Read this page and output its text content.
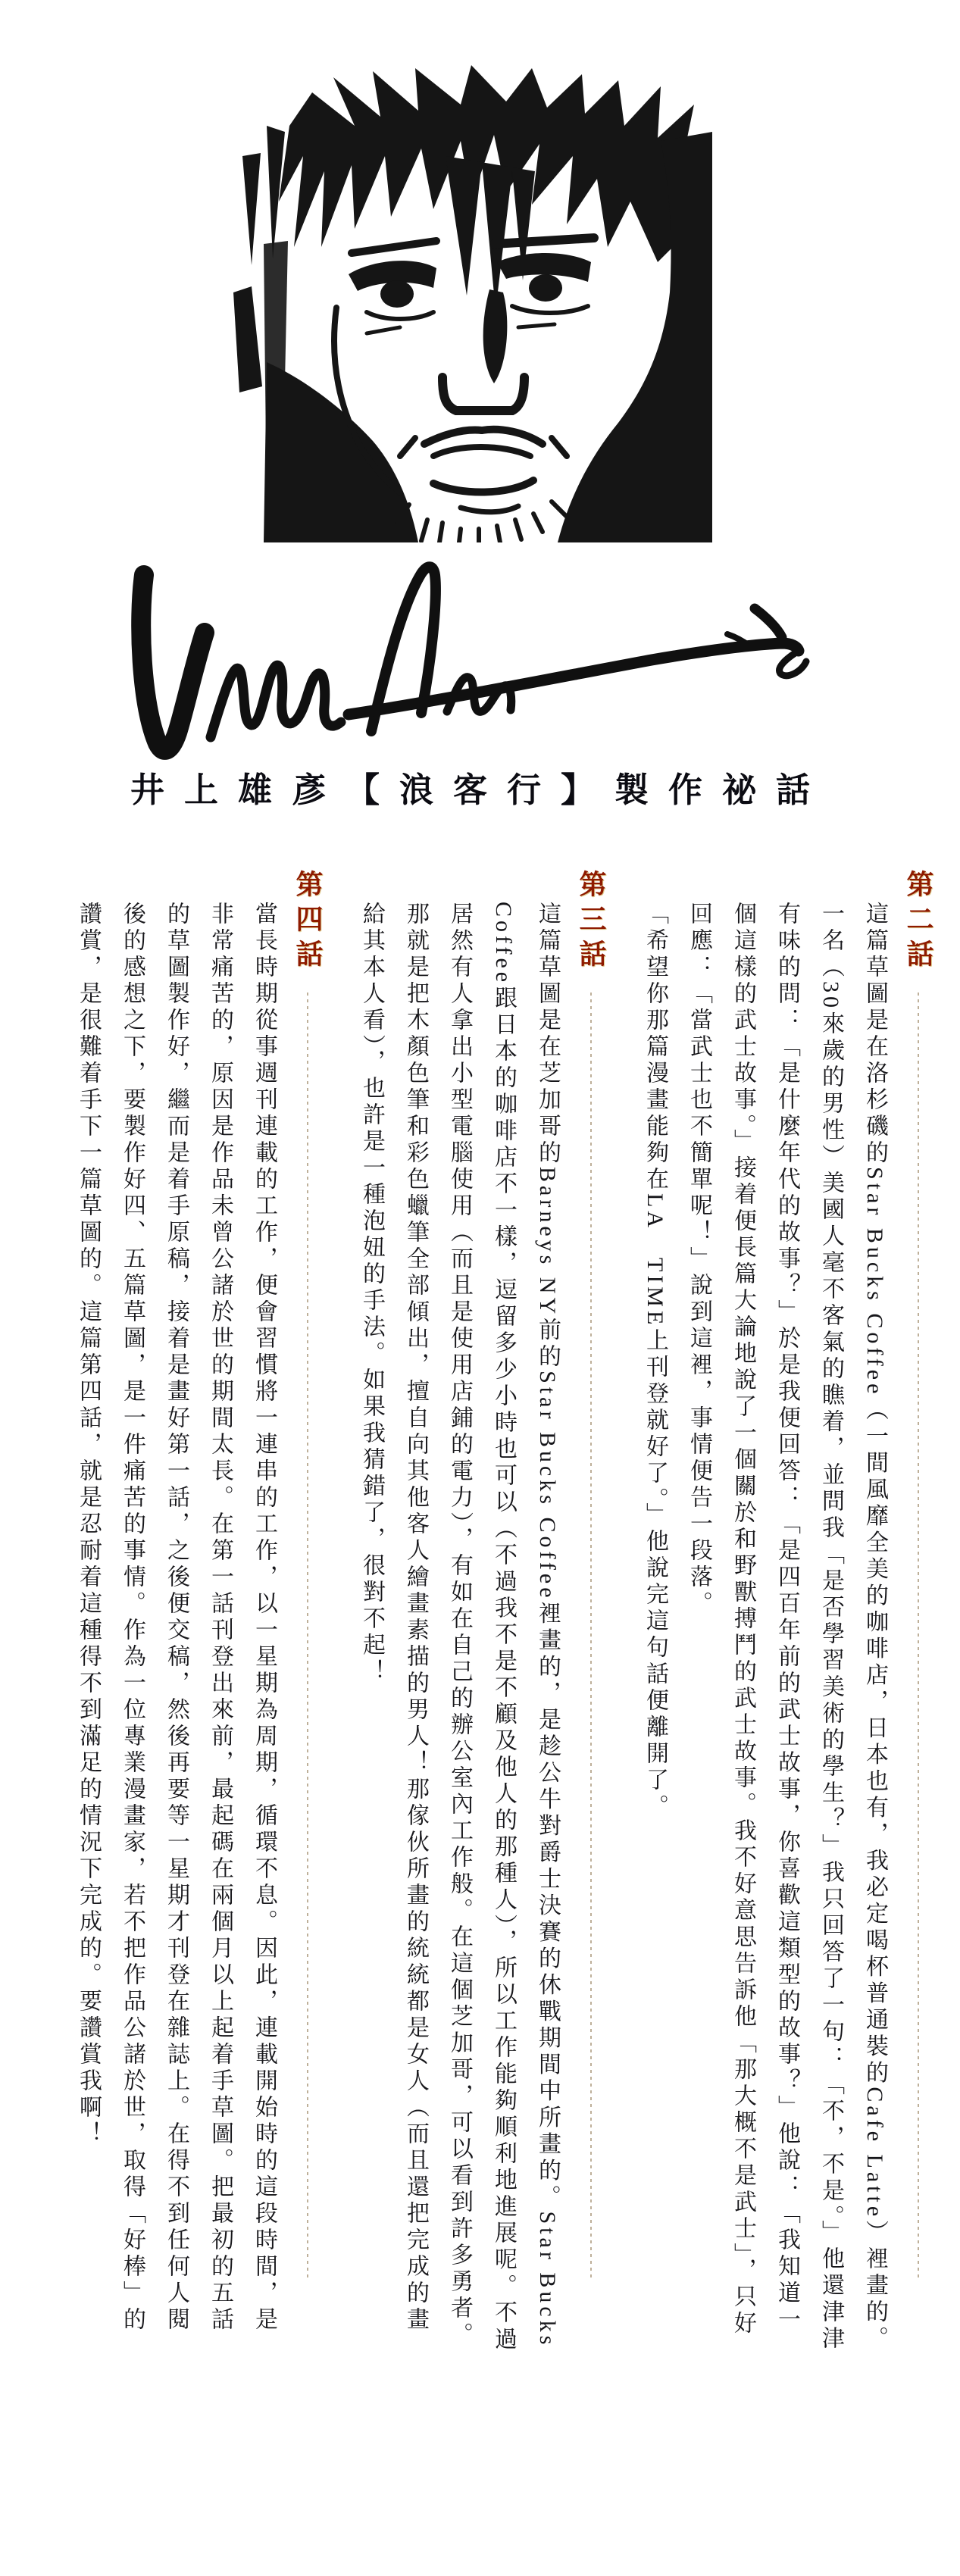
井上雄彥【浪客行】製作祕話
第二話

這篇草圖是在洛杉磯的Star Bucks Coffee（一間風靡全美的咖啡店，日本也有，我必定喝杯普通裝的Cafe Latte）裡畫的。一名（30來歲的男性）美國人毫不客氣的瞧着，並問我「是否學習美術的學生？」我只回答了一句：「不，不是。」他還津津有味的問：「是什麼年代的故事？」於是我便回答：「是四百年前的武士故事，你喜歡這類型的故事？」他說：「我知道一個這樣的武士故事。」接着便長篇大論地說了一個關於和野獸搏鬥的武士故事。我不好意思告訴他「那大概不是武士」，只好回應：「當武士也不簡單呢！」說到這裡，事情便告一段落。

「希望你那篇漫畫能夠在LA　TIME上刊登就好了。」他說完這句話便離開了。

第三話

這篇草圖是在芝加哥的Barneys NY前的Star Bucks Coffee裡畫的，是趁公牛對爵士決賽的休戰期間中所畫的。Star Bucks Coffee跟日本的咖啡店不一樣，逗留多少小時也可以（不過我不是不顧及他人的那種人），所以工作能夠順利地進展呢。不過居然有人拿出小型電腦使用（而且是使用店鋪的電力），有如在自己的辦公室內工作般。在這個芝加哥，可以看到許多勇者。那就是把木顏色筆和彩色蠟筆全部傾出，擅自向其他客人繪畫素描的男人！那傢伙所畫的統統都是女人（而且還把完成的畫給其本人看），也許是一種泡妞的手法。如果我猜錯了，很對不起！

第四話

當長時期從事週刊連載的工作，便會習慣將一連串的工作，以一星期為周期，循環不息。因此，連載開始時的這段時間，是非常痛苦的，原因是作品未曾公諸於世的期間太長。在第一話刊登出來前，最起碼在兩個月以上起着手草圖。把最初的五話的草圖製作好，繼而是着手原稿，接着是畫好第一話，之後便交稿，然後再要等一星期才刊登在雜誌上。在得不到任何人閱後的感想之下，要製作好四、五篇草圖，是一件痛苦的事情。作為一位專業漫畫家，若不把作品公諸於世，取得「好棒」的讚賞，是很難着手下一篇草圖的。這篇第四話，就是忍耐着這種得不到滿足的情況下完成的。要讚賞我啊！
